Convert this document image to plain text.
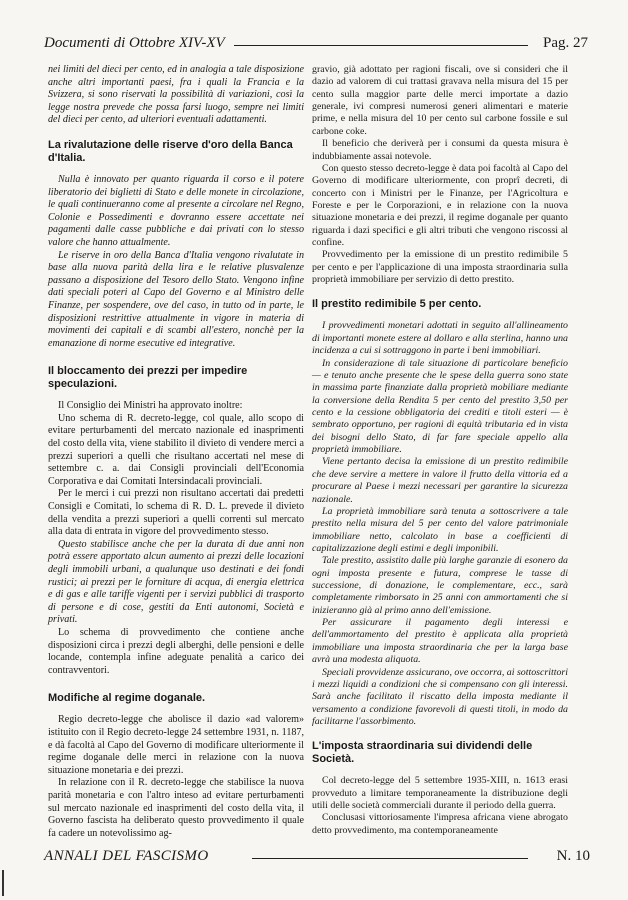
Documenti di Ottobre XIV-XV	Pag. 27

nei limiti del dieci per cento, ed in analogia a tale disposizione anche altri importanti paesi, fra i quali la Francia e la Svizzera, si sono riservati la possibilità di variazioni, così la legge nostra prevede che possa farsi luogo, sempre nei limiti del dieci per cento, ad ulteriori eventuali adattamenti.

La rivalutazione delle riserve d'oro della Banca d'Italia.

Nulla è innovato per quanto riguarda il corso e il potere liberatorio dei biglietti di Stato e delle monete in circolazione, le quali continueranno come al presente a circolare nel Regno, Colonie e Possedimenti e dovranno essere accettate nei pagamenti dalle casse pubbliche e dai privati con lo stesso valore che hanno attualmente.

Le riserve in oro della Banca d'Italia vengono rivalutate in base alla nuova parità della lira e le relative plusvalenze passano a disposizione del Tesoro dello Stato. Vengono infine dati speciali poteri al Capo del Governo e al Ministro delle Finanze, per sospendere, ove del caso, in tutto od in parte, le disposizioni restrittive attualmente in vigore in materia di movimenti dei capitali e di scambi all'estero, nonchè per la emanazione di norme esecutive ed integrative.

Il bloccamento dei prezzi per impedire speculazioni.

Il Consiglio dei Ministri ha approvato inoltre:

Uno schema di R. decreto-legge, col quale, allo scopo di evitare perturbamenti del mercato nazionale ed inasprimenti del costo della vita, viene stabilito il divieto di vendere merci a prezzi superiori a quelli che risultano accertati nel mese di settembre c. a. dai Consigli provinciali dell'Economia Corporativa e dai Comitati Intersindacali provinciali.

Per le merci i cui prezzi non risultano accertati dai predetti Consigli e Comitati, lo schema di R. D. L. prevede il divieto della vendita a prezzi superiori a quelli correnti sul mercato alla data di entrata in vigore del provvedimento stesso.

Questo stabilisce anche che per la durata di due anni non potrà essere apportato alcun aumento ai prezzi delle locazioni degli immobili urbani, a qualunque uso destinati e dei fondi rustici; ai prezzi per le forniture di acqua, di energia elettrica e di gas e alle tariffe vigenti per i servizi pubblici di trasporto di persone e di cose, gestiti da Enti autonomi, Società e privati.

Lo schema di provvedimento che contiene anche disposizioni circa i prezzi degli alberghi, delle pensioni e delle locande, contempla infine adeguate penalità a carico dei contravventori.

Modifiche al regime doganale.

Regio decreto-legge che abolisce il dazio «ad valorem» istituito con il Regio decreto-legge 24 settembre 1931, n. 1187, e dà facoltà al Capo del Governo di modificare ulteriormente il regime doganale delle merci in relazione con la nuova situazione monetaria e dei prezzi.

In relazione con il R. decreto-legge che stabilisce la nuova parità monetaria e con l'altro inteso ad evitare perturbamenti sul mercato nazionale ed inasprimenti del costo della vita, il Governo fascista ha deliberato questo provvedimento il quale fa cadere un notevolissimo ag-

gravio, già adottato per ragioni fiscali, ove si consideri che il dazio ad valorem di cui trattasi gravava nella misura del 15 per cento sulla maggior parte delle merci importate a dazio generale, ivi compresi numerosi generi alimentari e materie prime, e nella misura del 10 per cento sul carbone fossile e sul carbone coke.

Il beneficio che deriverà per i consumi da questa misura è indubbiamente assai notevole.

Con questo stesso decreto-legge è data poi facoltà al Capo del Governo di modificare ulteriormente, con proprî decreti, di concerto con i Ministri per le Finanze, per l'Agricoltura e Foreste e per le Corporazioni, e in relazione con la nuova situazione monetaria e dei prezzi, il regime doganale per quanto riguarda i dazi specifici e gli altri tributi che vengono riscossi al confine.

Provvedimento per la emissione di un prestito redimibile 5 per cento e per l'applicazione di una imposta straordinaria sulla proprietà immobiliare per servizio di detto prestito.

Il prestito redimibile 5 per cento.

I provvedimenti monetari adottati in seguito all'allineamento di importanti monete estere al dollaro e alla sterlina, hanno una incidenza a cui si sottraggono in parte i beni immobiliari.

In considerazione di tale situazione di particolare beneficio — e tenuto anche presente che le spese della guerra sono state in massima parte finanziate dalla proprietà mobiliare mediante la conversione della Rendita 5 per cento del prestito 3,50 per cento e la cessione obbligatoria dei crediti e titoli esteri — è sembrato opportuno, per ragioni di equità tributaria ed in vista dei bisogni dello Stato, di far fare speciale appello alla proprietà immobiliare.

Viene pertanto decisa la emissione di un prestito redimibile che deve servire a mettere in valore il frutto della vittoria ed a procurare al Paese i mezzi necessari per garantire la sicurezza nazionale.

La proprietà immobiliare sarà tenuta a sottoscrivere a tale prestito nella misura del 5 per cento del valore patrimoniale immobiliare netto, calcolato in base a coefficienti di capitalizzazione degli estimi e degli imponibili.

Tale prestito, assistito dalle più larghe garanzie di esonero da ogni imposta presente e futura, comprese le tasse di successione, di donazione, le complementare, ecc., sarà completamente rimborsato in 25 anni con ammortamenti che si inizieranno già al primo anno dell'emissione.

Per assicurare il pagamento degli interessi e dell'ammortamento del prestito è applicata alla proprietà immobiliare una imposta straordinaria che per la larga base avrà una modesta aliquota.

Speciali provvidenze assicurano, ove occorra, ai sottoscrittori i mezzi liquidi a condizioni che si compensano con gli interessi. Sarà anche facilitato il riscatto della imposta mediante il versamento a condizione favorevoli di questi titoli, in modo da facilitarne l'assorbimento.

L'imposta straordinaria sui dividendi delle Società.

Col decreto-legge del 5 settembre 1935-XIII, n. 1613 erasi provveduto a limitare temporaneamente la distribuzione degli utili delle società commerciali durante il periodo della guerra.

Conclusasi vittoriosamente l'impresa africana viene abrogato detto provvedimento, ma contemporaneamente

ANNALI DEL FASCISMO	N. 10
